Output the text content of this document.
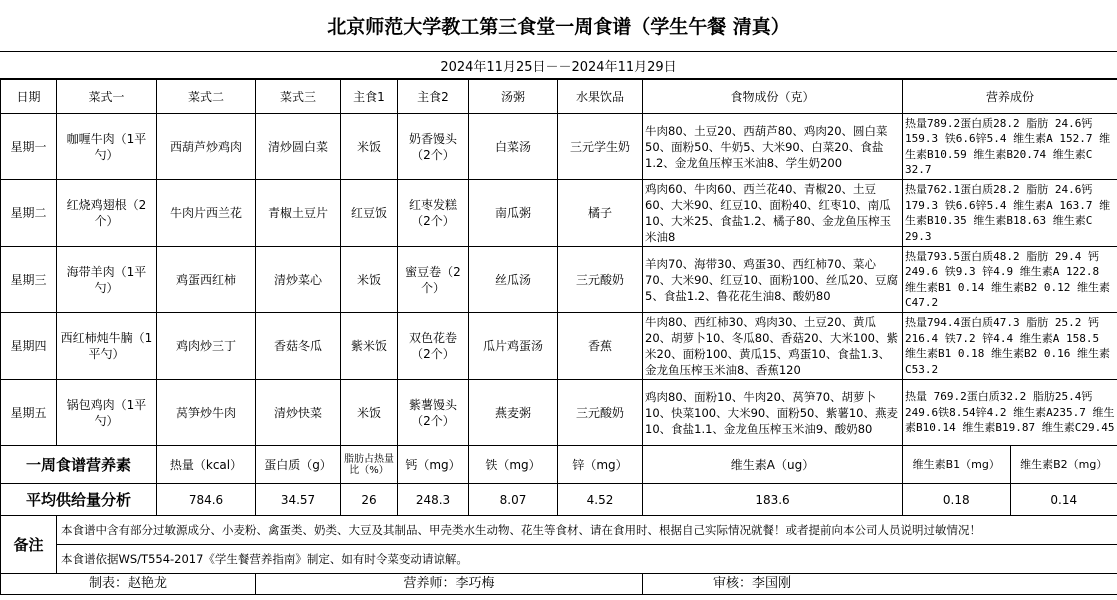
北京师范大学教工第三食堂一周食谱（学生午餐 清真）
2024年11月25日－－2024年11月29日
日期	菜式一	菜式二	菜式三	主食1	主食2	汤粥	水果饮品	食物成份（克）	营养成份
星期一	咖喱牛肉（1平勺）	西葫芦炒鸡肉	清炒圆白菜	米饭	奶香馒头（2个）	白菜汤	三元学生奶	牛肉80、土豆20、西葫芦80、鸡肉20、圆白菜50、面粉50、牛奶5、大米90、白菜20、食盐1.2、金龙鱼压榨玉米油8、学生奶200	热量789.2蛋白质28.2 脂肪 24.6钙159.3 铁6.6锌5.4 维生素A 152.7 维生素B10.59 维生素B20.74 维生素C 32.7
星期二	红烧鸡翅根（2个）	牛肉片西兰花	青椒土豆片	红豆饭	红枣发糕（2个）	南瓜粥	橘子	鸡肉60、牛肉60、西兰花40、青椒20、土豆60、大米90、红豆10、面粉40、红枣10、南瓜10、大米25、食盐1.2、橘子80、金龙鱼压榨玉米油8	热量762.1蛋白质28.2 脂肪 24.6钙179.3 铁6.6锌5.4 维生素A 163.7 维生素B10.35 维生素B18.63 维生素C 29.3
星期三	海带羊肉（1平勺）	鸡蛋西红柿	清炒菜心	米饭	蜜豆卷（2个）	丝瓜汤	三元酸奶	羊肉70、海带30、鸡蛋30、西红柿70、菜心70、大米90、红豆10、面粉100、丝瓜20、豆腐5、食盐1.2、鲁花花生油8、酸奶80	热量793.5蛋白质48.2 脂肪 29.4 钙249.6 铁9.3 锌4.9 维生素A 122.8 维生素B1 0.14 维生素B2 0.12 维生素C47.2
星期四	西红柿炖牛腩（1平勺）	鸡肉炒三丁	香菇冬瓜	紫米饭	双色花卷（2个）	瓜片鸡蛋汤	香蕉	牛肉80、西红柿30、鸡肉30、土豆20、黄瓜20、胡萝卜10、冬瓜80、香菇20、大米100、紫米20、面粉100、黄瓜15、鸡蛋10、食盐1.3、金龙鱼压榨玉米油8、香蕉120	热量794.4蛋白质47.3 脂肪 25.2 钙216.4 铁7.2 锌4.4 维生素A 158.5 维生素B1 0.18 维生素B2 0.16 维生素C53.2
星期五	锅包鸡肉（1平勺）	莴笋炒牛肉	清炒快菜	米饭	紫薯馒头（2个）	燕麦粥	三元酸奶	鸡肉80、面粉10、牛肉20、莴笋70、胡萝卜10、快菜100、大米90、面粉50、紫薯10、燕麦10、食盐1.1、金龙鱼压榨玉米油9、酸奶80	热量 769.2蛋白质32.2 脂肪25.4钙249.6铁8.54锌4.2 维生素A235.7 维生素B10.14 维生素B19.87 维生素C29.45
一周食谱营养素		热量（kcal）	蛋白质（g）	脂肪占热量比（%）	钙（mg）	铁（mg）	锌（mg）	维生素A（ug）	维生素B1（mg） 维生素B2（mg）

平均供给量分析		784.6	34.57	26	248.3	8.07	4.52	183.6	0.18 0.14

备注	本食谱中含有部分过敏源成分、小麦粉、禽蛋类、奶类、大豆及其制品、甲壳类水生动物、花生等食材、请在食用时、根据自己实际情况就餐！或者提前向本公司人员说明过敏情况！								
	本食谱依据WS/T554-2017《学生餐营养指南》制定、如有时令菜变动请谅解。								
制表：赵艳龙			营养师：李巧梅					审核：李国刚	
